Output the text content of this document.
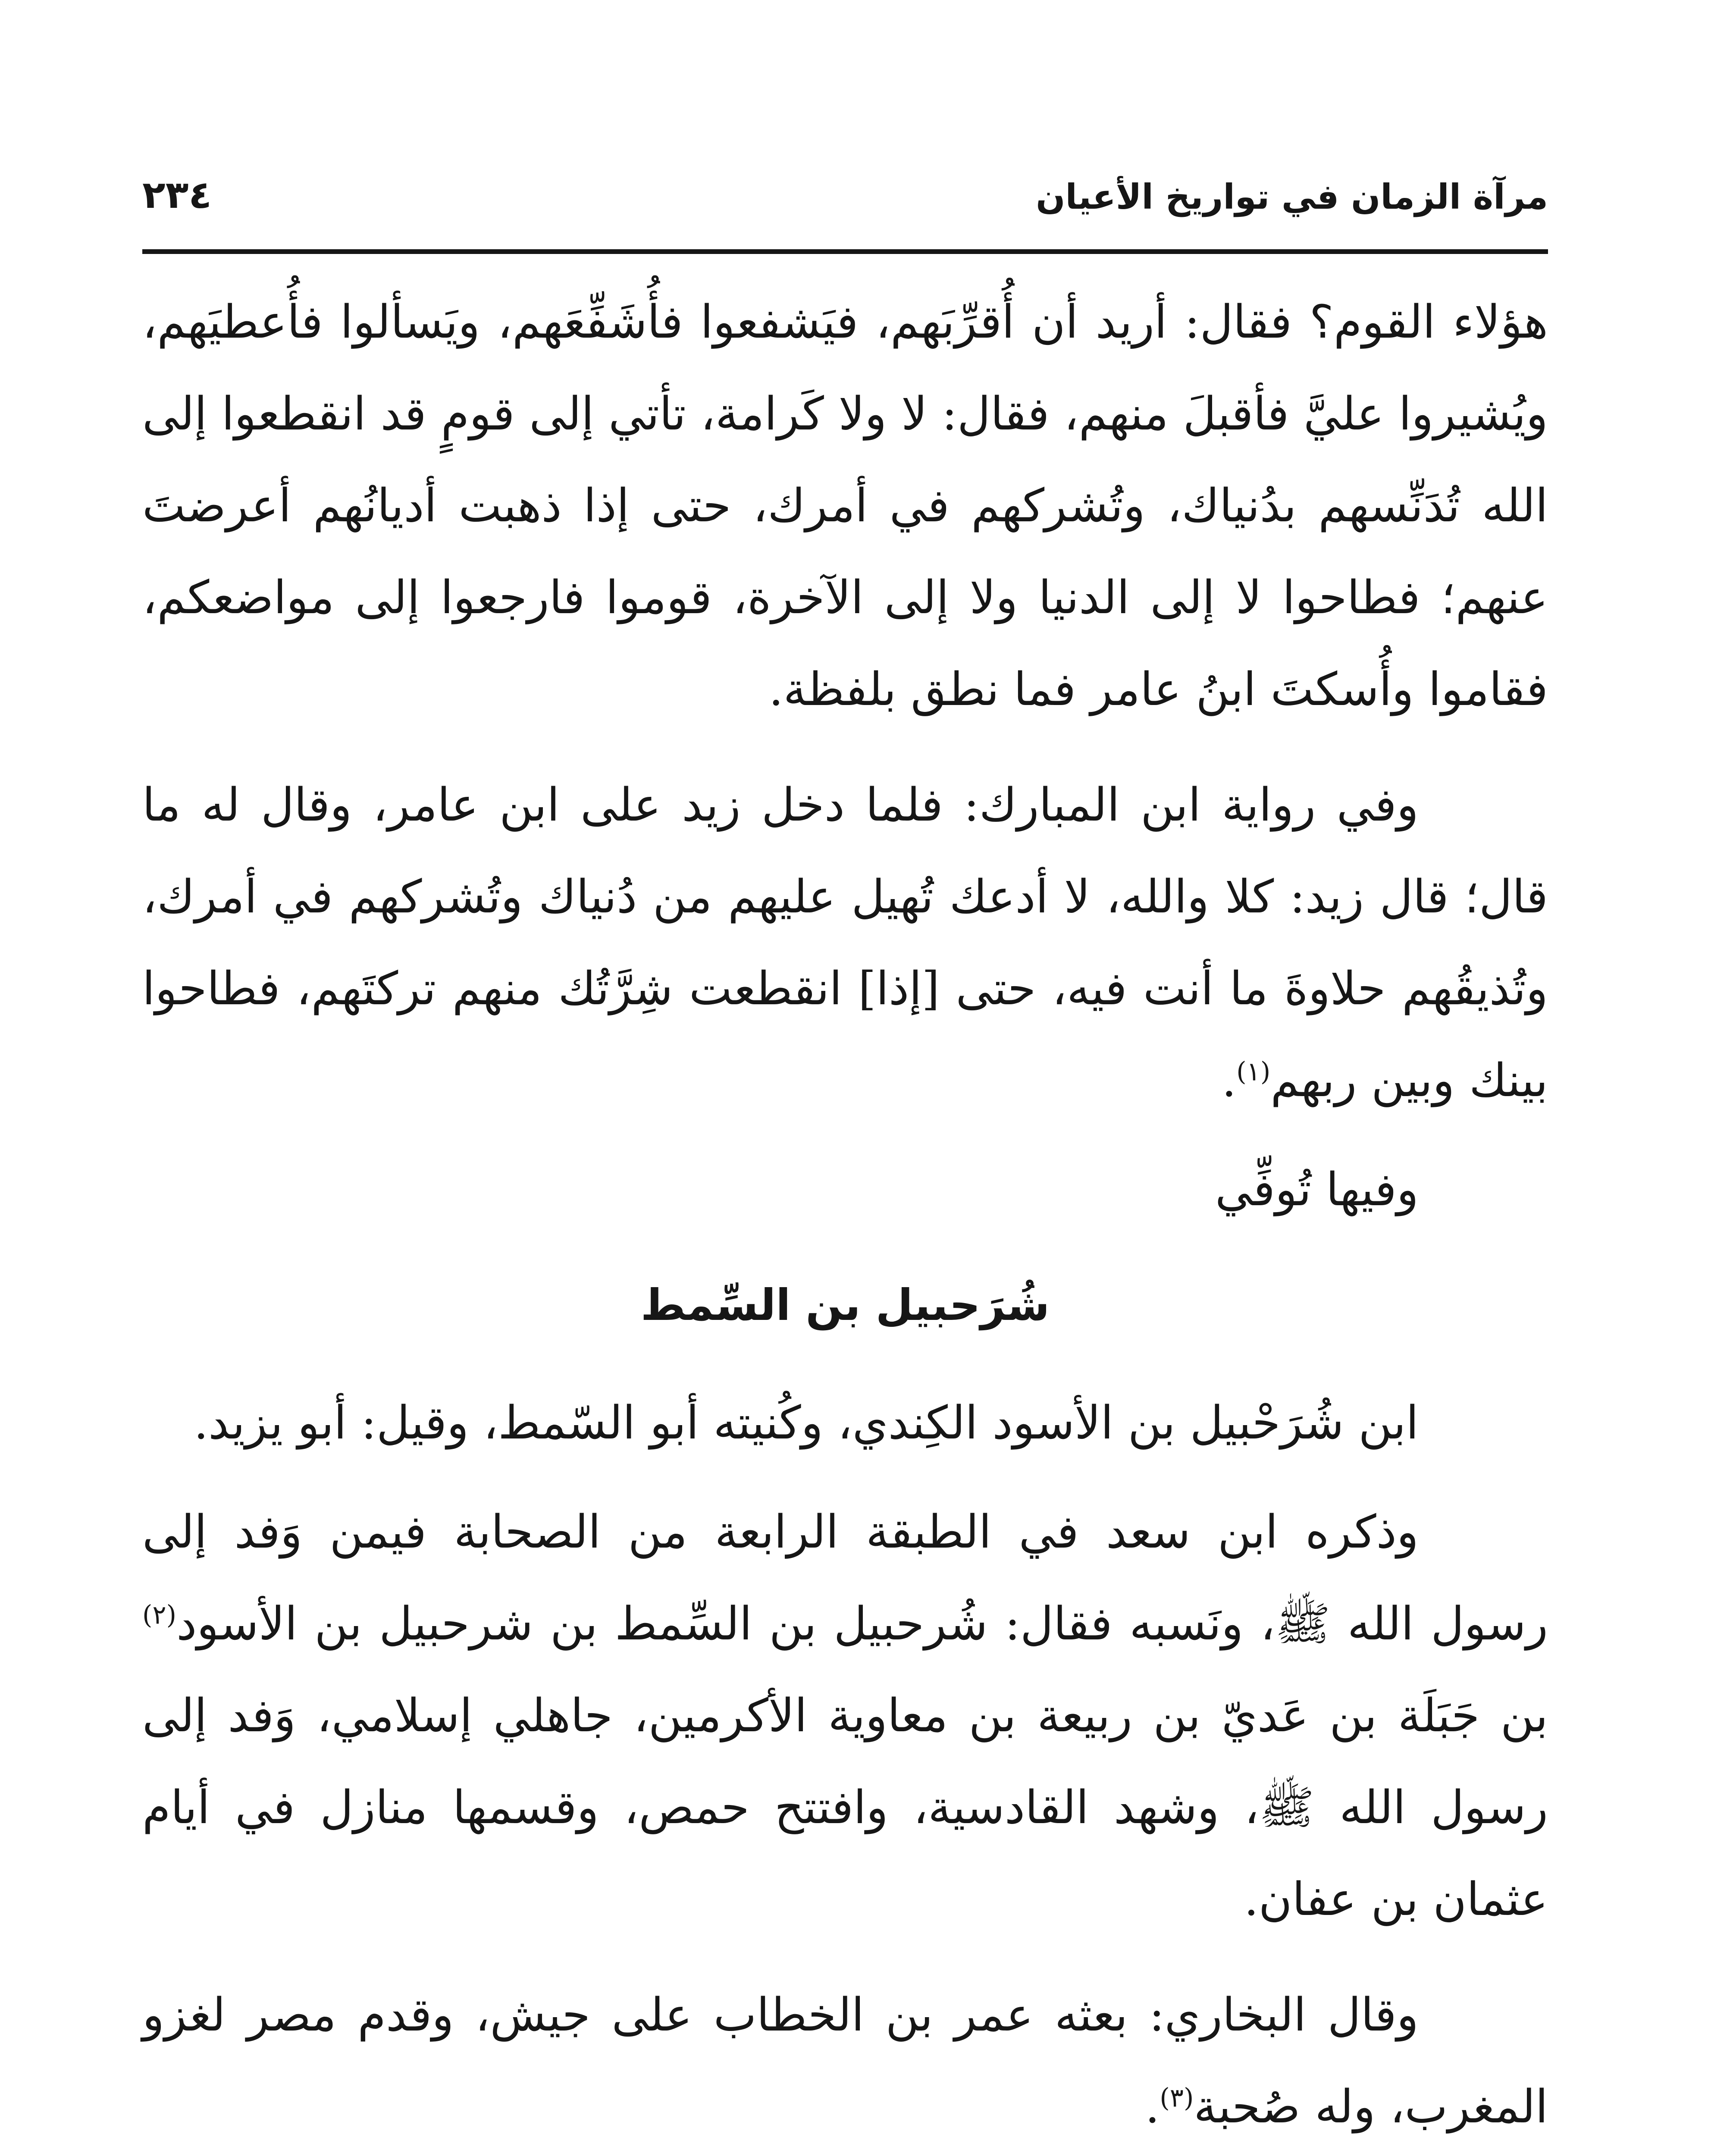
مرآة الزمان في تواريخ الأعيان
٢٣٤

هؤلاء القوم؟ فقال: أريد أن أُقرِّبَهم، فيَشفعوا فأُشَفِّعَهم، ويَسألوا فأُعطيَهم، ويُشيروا عليَّ فأقبلَ منهم، فقال: لا ولا كَرامة، تأتي إلى قومٍ قد انقطعوا إلى الله تُدَنِّسهم بدُنياك، وتُشركهم في أمرك، حتى إذا ذهبت أديانُهم أعرضتَ عنهم؛ فطاحوا لا إلى الدنيا ولا إلى الآخرة، قوموا فارجعوا إلى مواضعكم، فقاموا وأُسكتَ ابنُ عامر فما نطق بلفظة.

وفي رواية ابن المبارك: فلما دخل زيد على ابن عامر، وقال له ما قال؛ قال زيد: كلا والله، لا أدعك تُهيل عليهم من دُنياك وتُشركهم في أمرك، وتُذيقُهم حلاوةَ ما أنت فيه، حتى [إذا] انقطعت شِرَّتُك منهم تركتَهم، فطاحوا بينك وبين ربهم$^{(١)}$.

وفيها تُوفِّي

شُرَحبيل بن السِّمط

ابن شُرَحْبيل بن الأسود الكِندي، وكُنيته أبو السّمط، وقيل: أبو يزيد.

وذكره ابن سعد في الطبقة الرابعة من الصحابة فيمن وَفد إلى رسول الله ﷺ، ونَسبه فقال: شُرحبيل بن السِّمط بن شرحبيل بن الأسود$^{(٢)}$ بن جَبَلَة بن عَديّ بن ربيعة بن معاوية الأكرمين، جاهلي إسلامي، وَفد إلى رسول الله ﷺ، وشهد القادسية، وافتتح حمص، وقسمها منازل في أيام عثمان بن عفان.

وقال البخاري: بعثه عمر بن الخطاب على جيش، وقدم مصر لغزو المغرب، وله صُحبة$^{(٣)}$.
